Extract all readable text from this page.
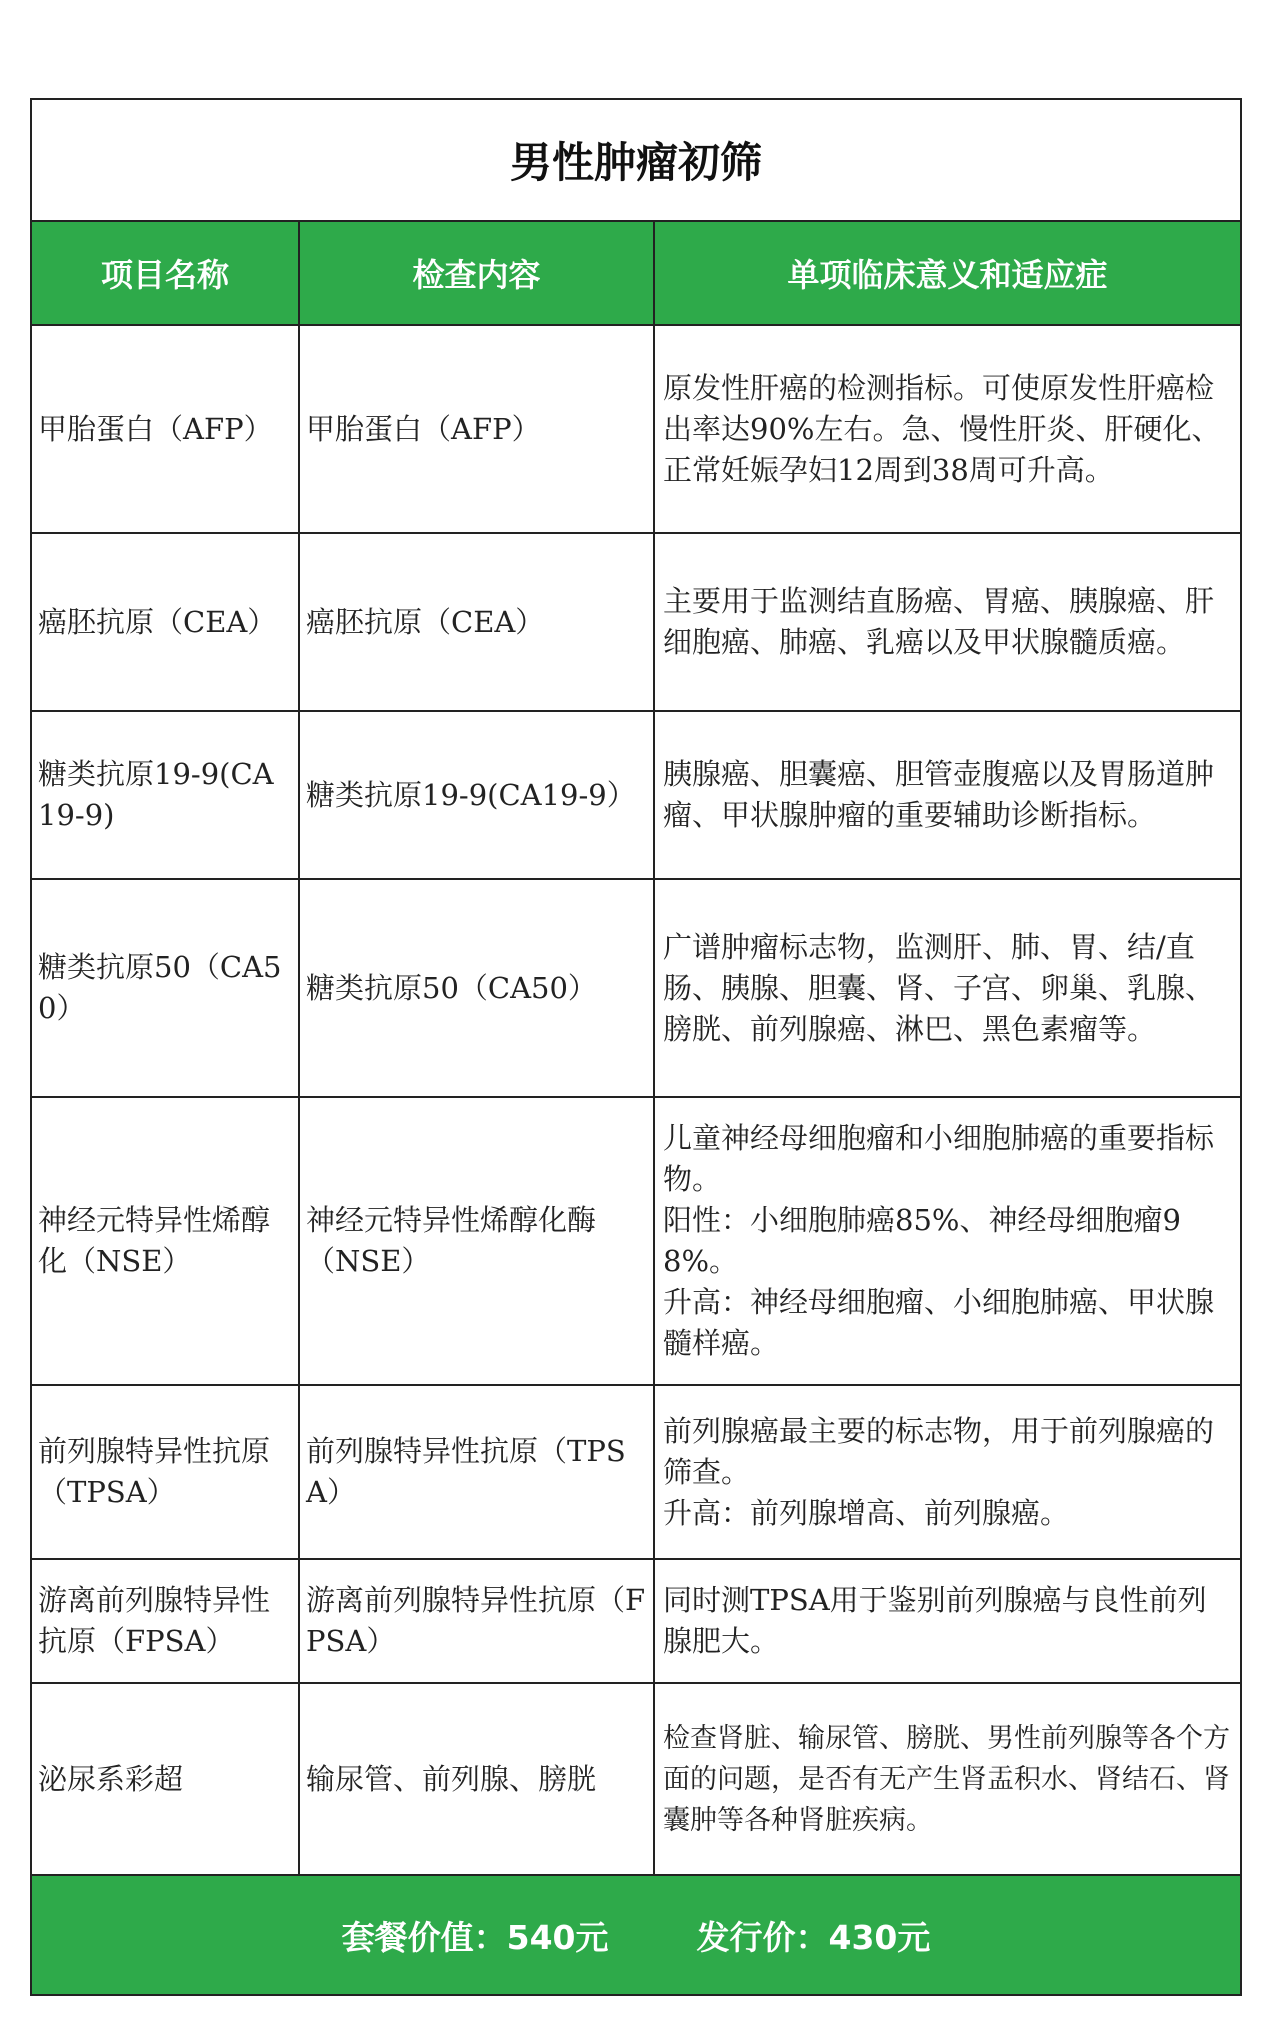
男性肿瘤初筛
项目名称	检查内容	单项临床意义和适应症
甲胎蛋白（AFP）	甲胎蛋白（AFP）	原发性肝癌的检测指标。可使原发性肝癌检出率达90%左右。急、慢性肝炎、肝硬化、正常妊娠孕妇12周到38周可升高。

癌胚抗原（CEA）	癌胚抗原（CEA）	主要用于监测结直肠癌、胃癌、胰腺癌、肝细胞癌、肺癌、乳癌以及甲状腺髓质癌。

糖类抗原19-9(CA19-9)	糖类抗原19-9(CA19-9）	胰腺癌、胆囊癌、胆管壶腹癌以及胃肠道肿瘤、甲状腺肿瘤的重要辅助诊断指标。

糖类抗原50（CA50）	糖类抗原50（CA50）	广谱肿瘤标志物，监测肝、肺、胃、结/直肠、胰腺、胆囊、肾、子宫、卵巢、乳腺、膀胱、前列腺癌、淋巴、黑色素瘤等。

神经元特异性烯醇化（NSE）	神经元特异性烯醇化酶（NSE）	儿童神经母细胞瘤和小细胞肺癌的重要指标物。
阳性：小细胞肺癌85%、神经母细胞瘤98%。
升高：神经母细胞瘤、小细胞肺癌、甲状腺髓样癌。

前列腺特异性抗原（TPSA）	前列腺特异性抗原（TPSA）	前列腺癌最主要的标志物，用于前列腺癌的筛查。
升高：前列腺增高、前列腺癌。

游离前列腺特异性抗原（FPSA）	游离前列腺特异性抗原（FPSA）	同时测TPSA用于鉴别前列腺癌与良性前列腺肥大。

泌尿系彩超	输尿管、前列腺、膀胱	检查肾脏、输尿管、膀胱、男性前列腺等各个方面的问题，是否有无产生肾盂积水、肾结石、肾囊肿等各种肾脏疾病。
套餐价值：540元	发行价：430元
